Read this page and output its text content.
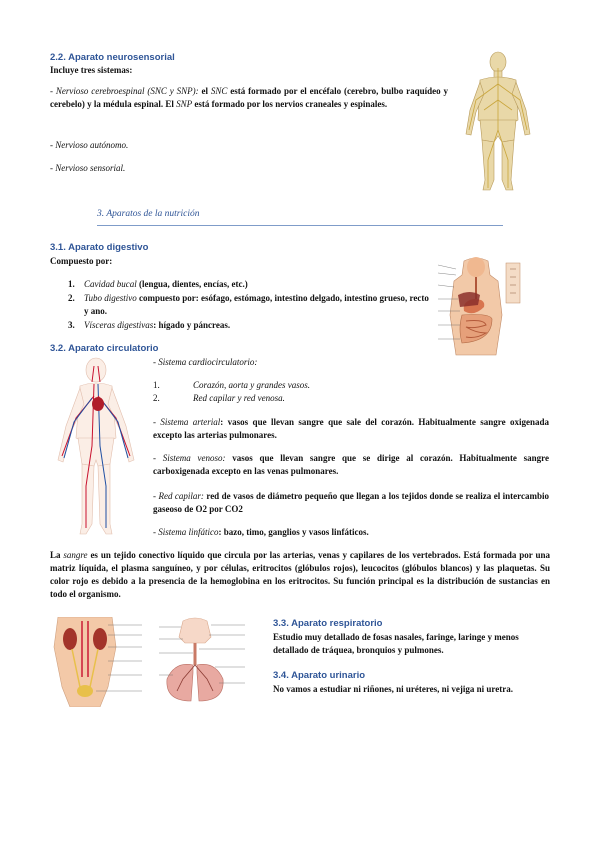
2.2. Aparato neurosensorial
Incluye tres sistemas:

- Nervioso cerebroespinal (SNC y SNP): el SNC está formado por el encéfalo (cerebro, bulbo raquídeo y cerebelo) y la médula espinal. El SNP está formado por los nervios craneales y espinales.

- Nervioso autónomo.
- Nervioso sensorial.
3. Aparatos de la nutrición
3.1. Aparato digestivo
Compuesto por:
1.	Cavidad bucal (lengua, dientes, encías, etc.)
2.	Tubo digestivo compuesto por: esófago, estómago, intestino delgado, intestino grueso, recto y ano.
3.	Vísceras digestivas: hígado y páncreas.
3.2. Aparato circulatorio
- Sistema cardiocirculatorio:
1.	Corazón, aorta y grandes vasos.
2.	Red capilar y red venosa.

- Sistema arterial: vasos que llevan sangre que sale del corazón. Habitualmente sangre oxigenada excepto las arterias pulmonares.

- Sistema venoso: vasos que llevan sangre que se dirige al corazón. Habitualmente sangre carboxigenada excepto en las venas pulmonares.

- Red capilar: red de vasos de diámetro pequeño que llegan a los tejidos donde se realiza el intercambio gaseoso de O2 por CO2

- Sistema linfático: bazo, timo, ganglios y vasos linfáticos.

La sangre es un tejido conectivo líquido que circula por las arterias, venas y capilares de los vertebrados. Está formada por una matriz líquida, el plasma sanguíneo, y por células, eritrocitos (glóbulos rojos), leucocitos (glóbulos blancos) y las plaquetas. Su color rojo es debido a la presencia de la hemoglobina en los eritrocitos. Su función principal es la distribución de sustancias en todo el organismo.

3.3. Aparato respiratorio

Estudio muy detallado de fosas nasales, faringe, laringe y menos detallado de tráquea, bronquios y pulmones.

3.4. Aparato urinario

No vamos a estudiar ni riñones, ni uréteres, ni vejiga ni uretra.
